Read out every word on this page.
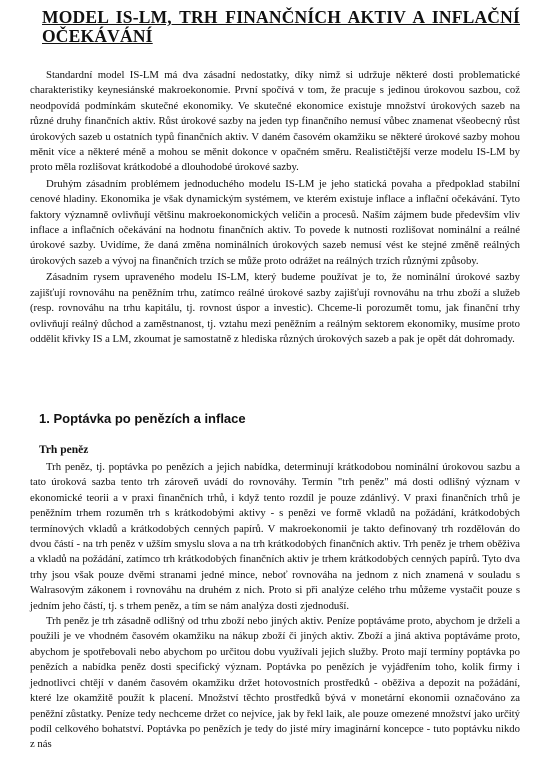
MODEL IS-LM, TRH FINANČNÍCH AKTIV A INFLAČNÍ OČEKÁVÁNÍ

Standardní model IS-LM má dva zásadní nedostatky, díky nimž si udržuje některé dosti problematické charakteristiky keynesiánské makroekonomie. První spočívá v tom, že pracuje s jedinou úrokovou sazbou, což neodpovídá podmínkám skutečné ekonomiky. Ve skutečné ekonomice existuje množství úrokových sazeb na různé druhy finančních aktiv. Růst úrokové sazby na jeden typ finančního nemusí vůbec znamenat všeobecný růst úrokových sazeb u ostatních typů finančních aktiv. V daném časovém okamžiku se některé úrokové sazby mohou měnit více a některé méně a mohou se měnit dokonce v opačném směru. Realističtější verze modelu IS-LM by proto měla rozlišovat krátkodobé a dlouhodobé úrokové sazby.

Druhým zásadním problémem jednoduchého modelu IS-LM je jeho statická povaha a předpoklad stabilní cenové hladiny. Ekonomika je však dynamickým systémem, ve kterém existuje inflace a inflační očekávání. Tyto faktory významně ovlivňují většinu makroekonomických veličin a procesů. Naším zájmem bude především vliv inflace a inflačních očekávání na hodnotu finančních aktiv. To povede k nutnosti rozlišovat nominální a reálné úrokové sazby. Uvidíme, že daná změna nominálních úrokových sazeb nemusí vést ke stejné změně reálných úrokových sazeb a vývoj na finančních trzích se může proto odrážet na reálných trzích různými způsoby.

Zásadním rysem upraveného modelu IS-LM, který budeme používat je to, že nominální úrokové sazby zajišťují rovnováhu na peněžním trhu, zatímco reálné úrokové sazby zajišťují rovnováhu na trhu zboží a služeb (resp. rovnováhu na trhu kapitálu, tj. rovnost úspor a investic). Chceme-li porozumět tomu, jak finanční trhy ovlivňují reálný důchod a zaměstnanost, tj. vztahu mezi peněžním a reálným sektorem ekonomiky, musíme proto oddělit křivky IS a LM, zkoumat je samostatně z hlediska různých úrokových sazeb a pak je opět dát dohromady.

1. Poptávka po penězích a inflace
Trh peněz

Trh peněz, tj. poptávka po penězích a jejich nabídka, determinují krátkodobou nominální úrokovou sazbu a tato úroková sazba tento trh zároveň uvádí do rovnováhy. Termín "trh peněz" má dosti odlišný význam v ekonomické teorii a v praxi finančních trhů, i když tento rozdíl je pouze zdánlivý. V praxi finančních trhů je peněžním trhem rozuměn trh s krátkodobými aktivy - s penězi ve formě vkladů na požádání, krátkodobých termínových vkladů a krátkodobých cenných papírů. V makroekonomii je takto definovaný trh rozdělován do dvou částí - na trh peněz v užším smyslu slova a na trh krátkodobých finančních aktiv. Trh peněz je trhem oběživa a vkladů na požádání, zatímco trh krátkodobých finančních aktiv je trhem krátkodobých cenných papírů. Tyto dva trhy jsou však pouze dvěmi stranami jedné mince, neboť rovnováha na jednom z nich znamená v souladu s Walrasovým zákonem i rovnováhu na druhém z nich. Proto si při analýze celého trhu můžeme vystačit pouze s jedním jeho částí, tj. s trhem peněz, a tím se nám analýza dosti zjednoduší.

Trh peněz je trh zásadně odlišný od trhu zboží nebo jiných aktiv. Peníze poptáváme proto, abychom je drželi a použili je ve vhodném časovém okamžiku na nákup zboží či jiných aktiv. Zboží a jiná aktiva poptáváme proto, abychom je spotřebovali nebo abychom po určitou dobu využívali jejich služby. Proto mají termíny poptávka po penězích a nabídka peněz dosti specifický význam. Poptávka po penězích je vyjádřením toho, kolik firmy i jednotlivci chtějí v daném časovém okamžiku držet hotovostních prostředků - oběživa a depozit na požádání, které lze okamžitě použít k placení. Množství těchto prostředků bývá v monetární ekonomii označováno za peněžní zůstatky. Peníze tedy nechceme držet co nejvíce, jak by řekl laik, ale pouze omezené množství jako určitý podíl celkového bohatství. Poptávka po penězích je tedy do jisté míry imaginární koncepce - tuto poptávku nikdo z nás
